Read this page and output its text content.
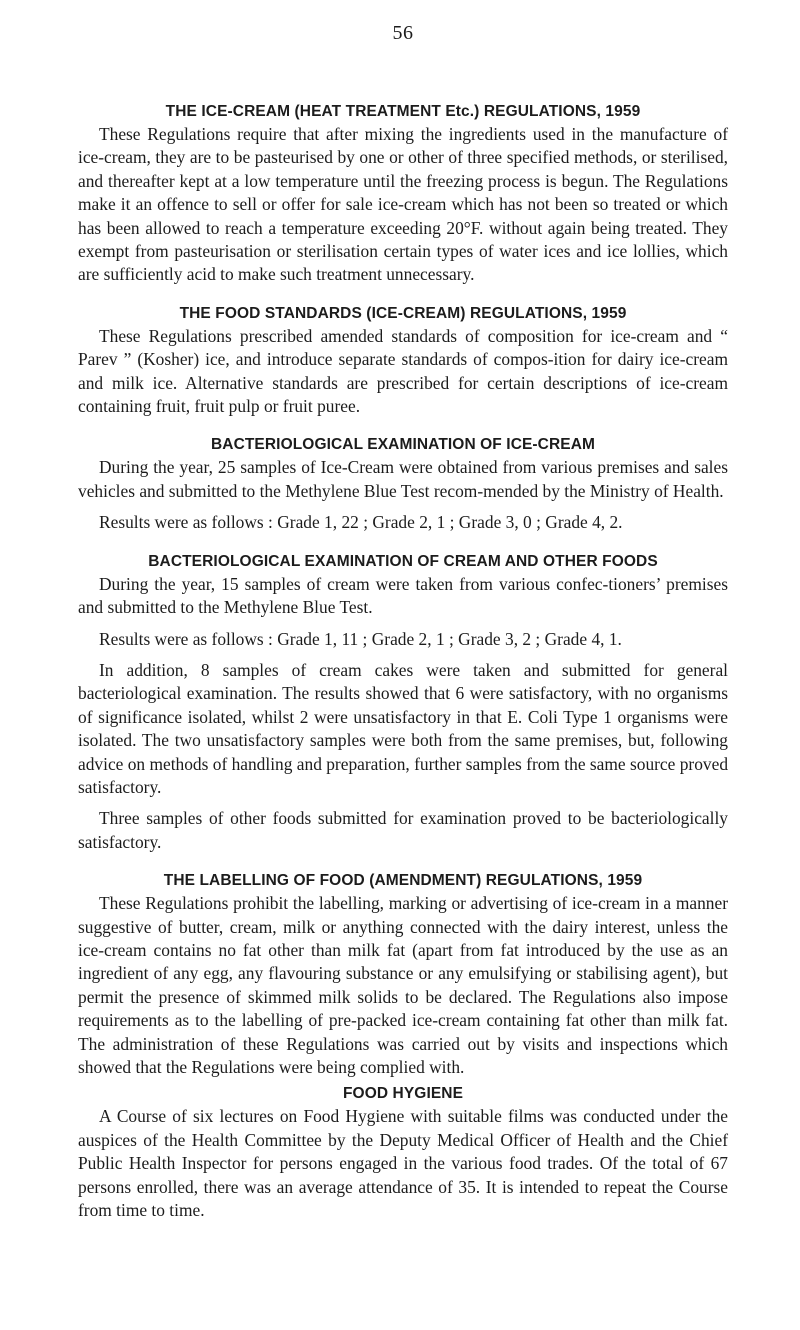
56
THE ICE-CREAM (HEAT TREATMENT Etc.) REGULATIONS, 1959

These Regulations require that after mixing the ingredients used in the manufacture of ice-cream, they are to be pasteurised by one or other of three specified methods, or sterilised, and thereafter kept at a low temperature until the freezing process is begun. The Regulations make it an offence to sell or offer for sale ice-cream which has not been so treated or which has been allowed to reach a temperature exceeding 20°F. without again being treated. They exempt from pasteurisation or sterilisation certain types of water ices and ice lollies, which are sufficiently acid to make such treatment unnecessary.

THE FOOD STANDARDS (ICE-CREAM) REGULATIONS, 1959

These Regulations prescribed amended standards of composition for ice-cream and “ Parev ” (Kosher) ice, and introduce separate standards of compos-ition for dairy ice-cream and milk ice. Alternative standards are prescribed for certain descriptions of ice-cream containing fruit, fruit pulp or fruit puree.

BACTERIOLOGICAL EXAMINATION OF ICE-CREAM

During the year, 25 samples of Ice-Cream were obtained from various premises and sales vehicles and submitted to the Methylene Blue Test recom-mended by the Ministry of Health.

Results were as follows : Grade 1, 22 ; Grade 2, 1 ; Grade 3, 0 ; Grade 4, 2.

BACTERIOLOGICAL EXAMINATION OF CREAM AND OTHER FOODS

During the year, 15 samples of cream were taken from various confec-tioners’ premises and submitted to the Methylene Blue Test.

Results were as follows : Grade 1, 11 ; Grade 2, 1 ; Grade 3, 2 ; Grade 4, 1.

In addition, 8 samples of cream cakes were taken and submitted for general bacteriological examination. The results showed that 6 were satisfactory, with no organisms of significance isolated, whilst 2 were unsatisfactory in that E. Coli Type 1 organisms were isolated. The two unsatisfactory samples were both from the same premises, but, following advice on methods of handling and preparation, further samples from the same source proved satisfactory.

Three samples of other foods submitted for examination proved to be bacteriologically satisfactory.

THE LABELLING OF FOOD (AMENDMENT) REGULATIONS, 1959

These Regulations prohibit the labelling, marking or advertising of ice-cream in a manner suggestive of butter, cream, milk or anything connected with the dairy interest, unless the ice-cream contains no fat other than milk fat (apart from fat introduced by the use as an ingredient of any egg, any flavouring substance or any emulsifying or stabilising agent), but permit the presence of skimmed milk solids to be declared. The Regulations also impose requirements as to the labelling of pre-packed ice-cream containing fat other than milk fat. The administration of these Regulations was carried out by visits and inspections which showed that the Regulations were being complied with.

FOOD HYGIENE

A Course of six lectures on Food Hygiene with suitable films was conducted under the auspices of the Health Committee by the Deputy Medical Officer of Health and the Chief Public Health Inspector for persons engaged in the various food trades. Of the total of 67 persons enrolled, there was an average attendance of 35. It is intended to repeat the Course from time to time.
